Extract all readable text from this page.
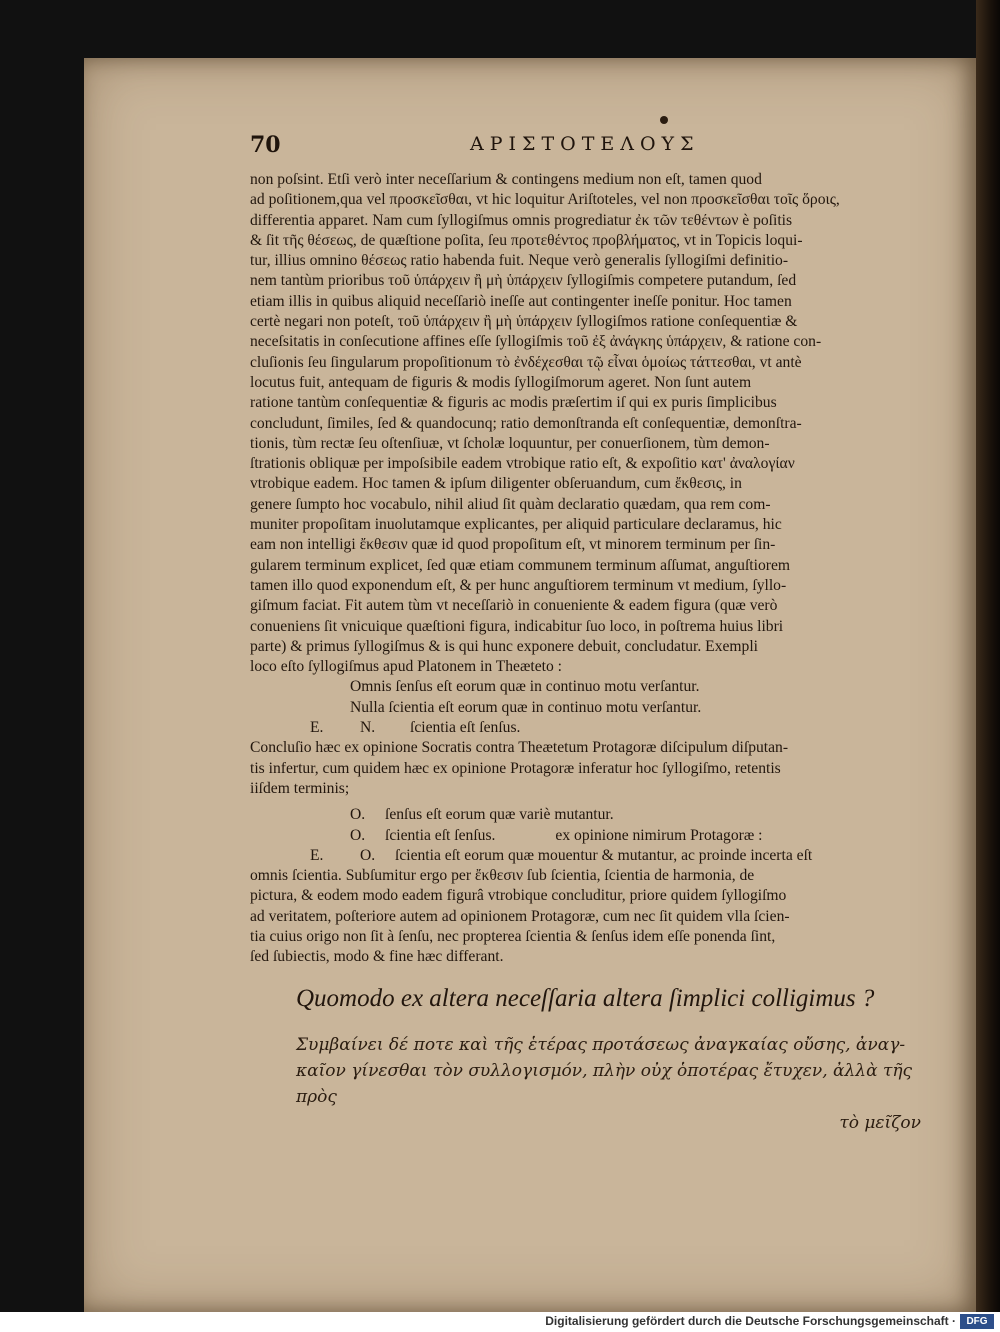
70	ΑΡΙΣΤΟΤΕΛΟΥΣ
non poſsint. Etſi verò inter neceſſarium & contingens medium non eſt, tamen quod
ad poſitionem,qua vel προσκεῖσθαι, vt hic loquitur Ariſtoteles, vel non προσκεῖσθαι τοῖς ὅροις,
differentia apparet. Nam cum ſyllogiſmus omnis progrediatur ἐκ τῶν τεθέντων è poſitis
& ſit τῆς θέσεως, de quæſtione poſita, ſeu προτεθέντος προβλήματος, vt in Topicis loqui-
tur, illius omnino θέσεως ratio habenda fuit. Neque verò generalis ſyllogiſmi definitio-
nem tantùm prioribus τοῦ ὑπάρχειν ἢ μὴ ὑπάρχειν ſyllogiſmis competere putandum, ſed
etiam illis in quibus aliquid neceſſariò ineſſe aut contingenter ineſſe ponitur. Hoc tamen
certè negari non poteſt, τοῦ ὑπάρχειν ἢ μὴ ὑπάρχειν ſyllogiſmos ratione conſequentiæ &
neceſsitatis in conſecutione affines eſſe ſyllogiſmis τοῦ ἐξ ἀνάγκης ὑπάρχειν, & ratione con-
cluſionis ſeu ſingularum propoſitionum τὸ ἐνδέχεσθαι τῷ εἶναι ὁμοίως τάττεσθαι, vt antè
locutus fuit, antequam de figuris & modis ſyllogiſmorum ageret. Non ſunt autem
ratione tantùm conſequentiæ & figuris ac modis præſertim iſ qui ex puris ſimplicibus
concludunt, ſimiles, ſed & quandocunq; ratio demonſtranda eſt conſequentiæ, demonſtra-
tionis, tùm rectæ ſeu oſtenſiuæ, vt ſcholæ loquuntur, per conuerſionem, tùm demon-
ſtrationis obliquæ per impoſsibile eadem vtrobique ratio eſt, & expoſitio κατ' ἀναλογίαν
vtrobique eadem. Hoc tamen & ipſum diligenter obſeruandum, cum ἔκθεσις, in
genere ſumpto hoc vocabulo, nihil aliud ſit quàm declaratio quædam, qua rem com-
muniter propoſitam inuolutamque explicantes, per aliquid particulare declaramus, hic
eam non intelligi ἔκθεσιν quæ id quod propoſitum eſt, vt minorem terminum per ſin-
gularem terminum explicet, ſed quæ etiam communem terminum aſſumat, anguſtiorem
tamen illo quod exponendum eſt, & per hunc anguſtiorem terminum vt medium, ſyllo-
giſmum faciat. Fit autem tùm vt neceſſariò in conueniente & eadem figura (quæ verò
conueniens ſit vnicuique quæſtioni figura, indicabitur ſuo loco, in poſtrema huius libri
parte) & primus ſyllogiſmus & is qui hunc exponere debuit, concludatur. Exempli
loco eſto ſyllogiſmus apud Platonem in Theæteto :
Omnis ſenſus eſt eorum quæ in continuo motu verſantur.
Nulla ſcientia eſt eorum quæ in continuo motu verſantur.
E. N. ſcientia eſt ſenſus.
Concluſio hæc ex opinione Socratis contra Theætetum Protagoræ diſcipulum diſputan-
tis infertur, cum quidem hæc ex opinione Protagoræ inferatur hoc ſyllogiſmo, retentis
iiſdem terminis;
O. ſenſus eſt eorum quæ variè mutantur.
O. ſcientia eſt ſenſus.	ex opinione nimirum Protagoræ :
E. O. ſcientia eſt eorum quæ mouentur & mutantur, ac proinde incerta eſt
omnis ſcientia. Subſumitur ergo per ἔκθεσιν ſub ſcientia, ſcientia de harmonia, de
pictura, & eodem modo eadem figurâ vtrobique concluditur, priore quidem ſyllogiſmo
ad veritatem, poſteriore autem ad opinionem Protagoræ, cum nec ſit quidem vlla ſcien-
tia cuius origo non ſit à ſenſu, nec propterea ſcientia & ſenſus idem eſſe ponenda ſint,
ſed ſubiectis, modo & fine hæc differant.
Quomodo ex altera neceſſaria altera ſimplici colligimus ?
Συμβαίνει δέ ποτε καὶ τῆς ἑτέρας προτάσεως ἀναγκαίας οὔσης, ἀναγ-
καῖον γίνεσθαι τὸν συλλογισμόν, πλὴν οὐχ ὁποτέρας ἔτυχεν, ἀλλὰ τῆς πρὸς
τὸ μεῖζον
Digitalisierung gefördert durch die Deutsche Forschungsgemeinschaft ·	DFG
